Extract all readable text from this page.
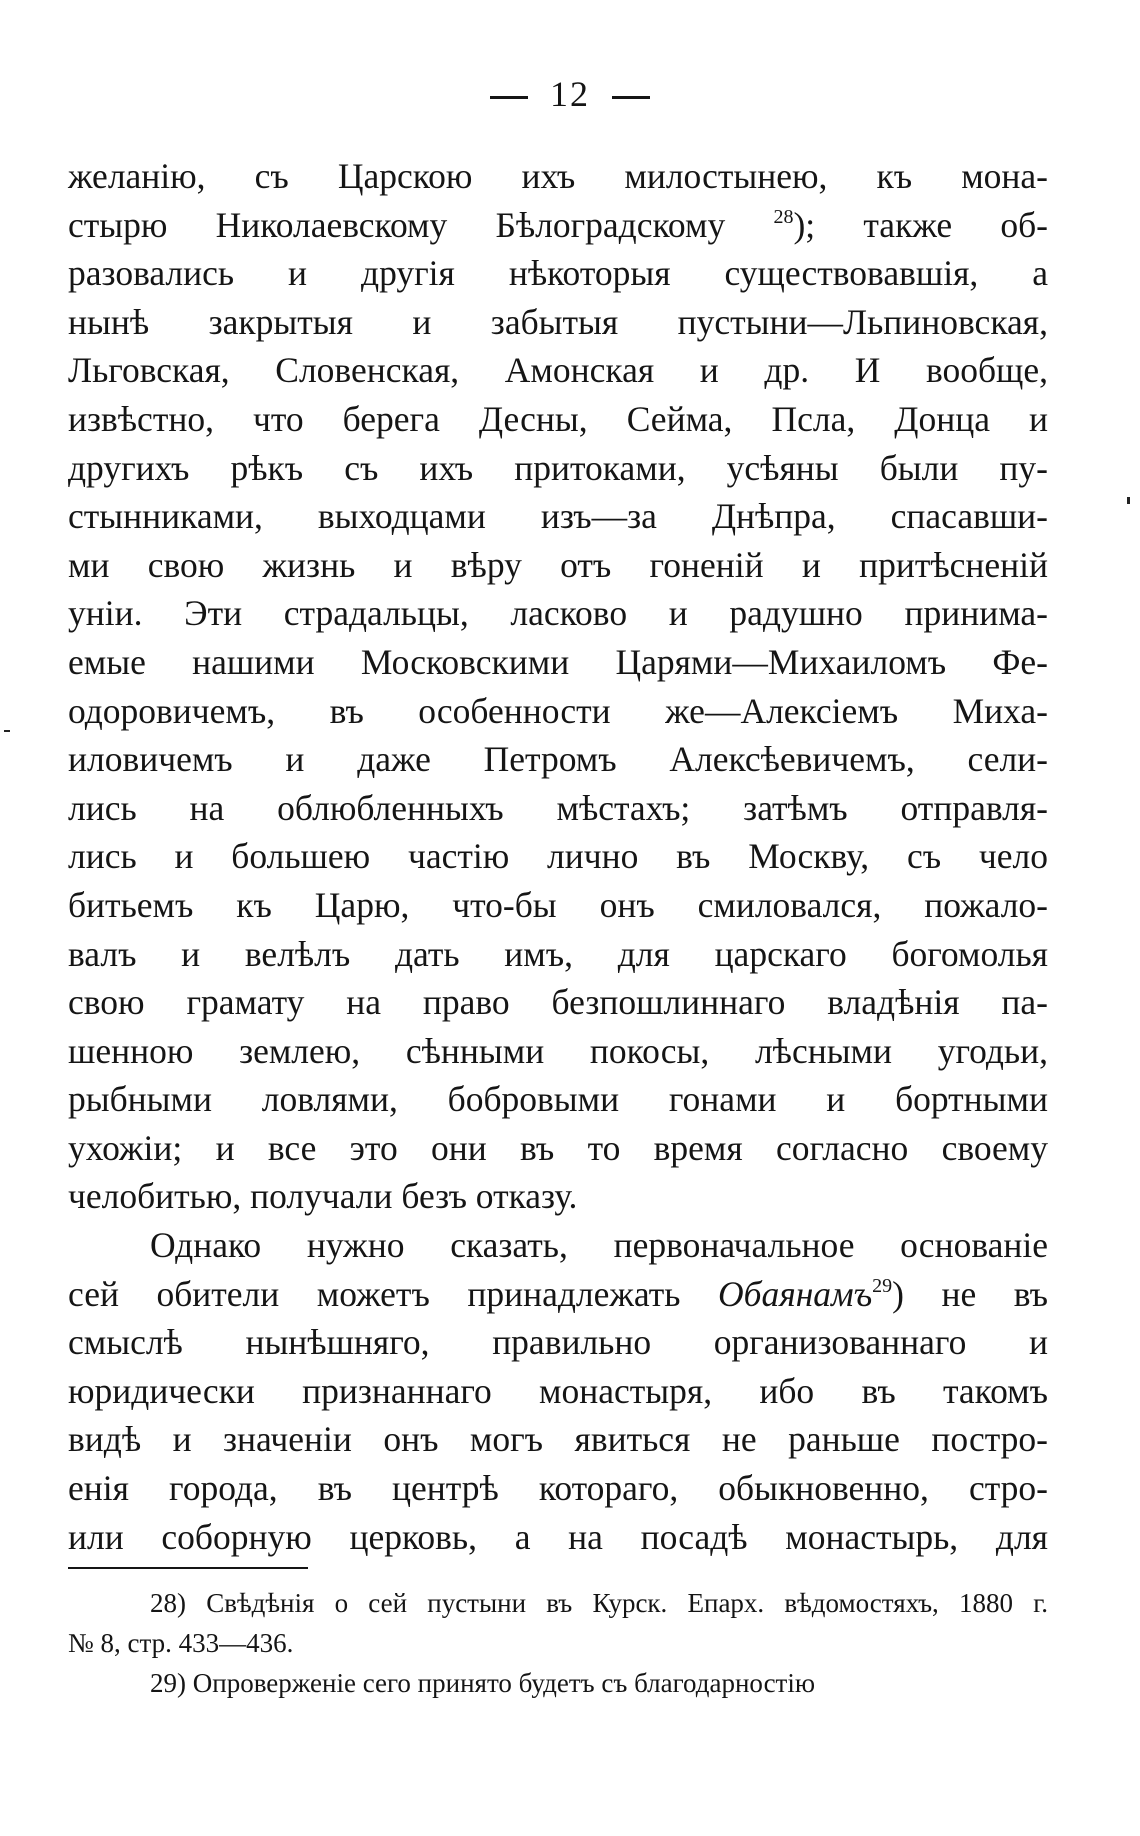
12
желанію, съ Царскою ихъ милостынею, къ мона-
стырю Николаевскому Бѣлоградскому $^{28}$); также об-
разовались и другія нѣкоторыя существовавшія, а
нынѣ закрытыя и забытыя пустыни—Льпиновская,
Льговская, Словенская, Амонская и др. И вообще,
извѣстно, что берега Десны, Сейма, Псла, Донца и
другихъ рѣкъ съ ихъ притоками, усѣяны были пу-
стынниками, выходцами изъ—за Днѣпра, спасавши-
ми свою жизнь и вѣру отъ гоненій и притѣсненій
уніи. Эти страдальцы, ласково и радушно принима-
емые нашими Московскими Царями—Михаиломъ Фе-
одоровичемъ, въ особенности же—Алексіемъ Миха-
иловичемъ и даже Петромъ Алексѣевичемъ, сели-
лись на облюбленныхъ мѣстахъ; затѣмъ отправля-
лись и большею частію лично въ Москву, съ чело
битьемъ къ Царю, что-бы онъ смиловался, пожало-
валъ и велѣлъ дать имъ, для царскаго богомолья
свою грамату на право безпошлиннаго владѣнія па-
шенною землею, сѣнными покосы, лѣсными угодьи,
рыбными ловлями, бобровыми гонами и бортными
ухожіи; и все это они въ то время согласно своему
челобитью, получали безъ отказу.
Однако нужно сказать, первоначальное основаніе
сей обители можетъ принадлежать Обаянамъ$^{29}$) не въ
смыслѣ нынѣшняго, правильно организованнаго и
юридически признаннаго монастыря, ибо въ такомъ
видѣ и значеніи онъ могъ явиться не раньше постро-
енія города, въ центрѣ котораго, обыкновенно, стро-
или соборную церковь, а на посадѣ монастырь, для
28) Свѣдѣнія о сей пустыни въ Курск. Епарх. вѣдомостяхъ, 1880 г.
№ 8, стр. 433—436.
29) Опроверженіе сего принято будетъ съ благодарностію
